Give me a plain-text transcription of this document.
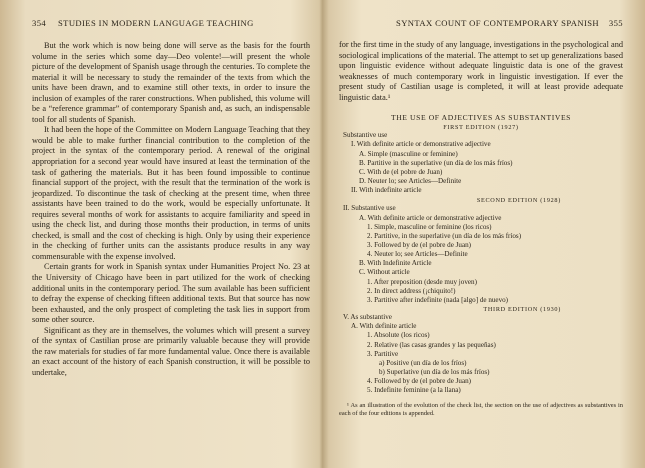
354 STUDIES IN MODERN LANGUAGE TEACHING

But the work which is now being done will serve as the basis for the fourth volume in the series which some day—Deo volente!—will present the whole picture of the development of Spanish usage through the centuries. To complete the material it will be necessary to study the remainder of the texts from which the units have been drawn, and to examine still other texts, in order to insure the inclusion of examples of the rarer constructions. When published, this volume will be a “reference grammar” of contemporary Spanish and, as such, an indispensable tool for all students of Spanish.

It had been the hope of the Committee on Modern Language Teaching that they would be able to make further financial contribution to the completion of the project in the syntax of the contemporary period. A renewal of the original appropriation for a second year would have insured at least the termination of the task of gathering the materials. But it has been found impossible to continue financial support of the project, with the result that the termination of the work is jeopardized. To discontinue the task of checking at the present time, when three assistants have been trained to do the work, would be especially unfortunate. It requires several months of work for assistants to acquire familiarity and speed in using the check list, and during those months their production, in terms of units checked, is small and the cost of checking is high. Only by using their experience in the checking of further units can the assistants produce results in any way commensurable with the expense involved.

Certain grants for work in Spanish syntax under Humanities Project No. 23 at the University of Chicago have been in part utilized for the work of checking additional units in the contemporary period. The sum available has been sufficient to defray the expense of checking fifteen additional texts. But that source has now been exhausted, and the only prospect of completing the task lies in support from some other source.

Significant as they are in themselves, the volumes which will present a survey of the syntax of Castilian prose are primarily valuable because they will provide the raw materials for studies of far more fundamental value. Once there is available an exact account of the history of each Spanish construction, it will be possible to undertake,

SYNTAX COUNT OF CONTEMPORARY SPANISH 355

for the first time in the study of any language, investigations in the psychological and sociological implications of the material. The attempt to set up generalizations based upon linguistic evidence without adequate linguistic data is one of the gravest weaknesses of much contemporary work in linguistic investigation. If ever the present study of Castilian usage is completed, it will at least provide adequate linguistic data.¹

THE USE OF ADJECTIVES AS SUBSTANTIVES
FIRST EDITION (1927)
Substantive use
I. With definite article or demonstrative adjective
A. Simple (masculine or feminine)
B. Partitive in the superlative (un día de los más fríos)
C. With de (el pobre de Juan)
D. Neuter lo; see Articles—Definite
II. With indefinite article
SECOND EDITION (1928)
II. Substantive use
A. With definite article or demonstrative adjective
1. Simple, masculine or feminine (los ricos)
2. Partitive, in the superlative (un día de los más fríos)
3. Followed by de (el pobre de Juan)
4. Neuter lo; see Articles—Definite
B. With Indefinite Article
C. Without article
1. After preposition (desde muy joven)
2. In direct address (¡chiquito!)
3. Partitive after indefinite (nada [algo] de nuevo)
THIRD EDITION (1930)
V. As substantive
A. With definite article
1. Absolute (los ricos)
2. Relative (las casas grandes y las pequeñas)
3. Partitive
a) Positive (un día de los fríos)
b) Superlative (un día de los más fríos)
4. Followed by de (el pobre de Juan)
5. Indefinite feminine (a la llana)
¹ As an illustration of the evolution of the check list, the section on the use of adjectives as substantives in each of the four editions is appended.
